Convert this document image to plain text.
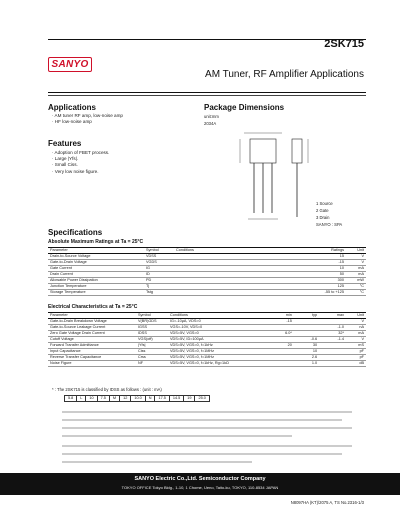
SANYO
2SK715
AM Tuner, RF Amplifier Applications
Applications
· AM tuner RF amp, low-noise amp
· HF low-noise amp
Features
· Adoption of FBET process.
· Large |Yfs|.
· Small Ciss.
· Very low noise figure.
Package Dimensions
unit:mm
2034A
1 Source
2 Gate
3 Drain
SANYO : SPA
Specifications
Absolute Maximum Ratings at Ta = 25°C
Parameter	Symbol	Conditions	Ratings	Unit
Drain-to-Source Voltage	VDSS		15	V
Gate-to-Drain Voltage	VGDS		-15	V
Gate Current	IG		10	mA
Drain Current	ID		50	mA
Allowable Power Dissipation	PD		300	mW
Junction Temperature	Tj		125	°C
Storage Temperature	Tstg		-55 to +125	°C
Electrical Characteristics at Ta = 25°C
Parameter	Symbol	Conditions	min	typ	max	Unit
Gate-to-Drain Breakdown Voltage	V(BR)GDS	IG=-10μA, VDS=0	-15			V
Gate-to-Source Leakage Current	IGSS	VGS=-10V, VDS=0			-1.0	nA
Zero Gate Voltage Drain Current	IDSS	VDS=5V, VGS=0	6.0*		32*	mA
Cutoff Voltage	VGS(off)	VDS=5V, ID=100μA		-0.6	-1.4	V
Forward Transfer Admittance	|Yfs|	VDS=5V, VGS=0, f=1kHz	20	30		mS
Input Capacitance	Ciss	VDS=5V, VGS=0, f=1MHz		10		pF
Reverse Transfer Capacitance	Crss	VDS=5V, VGS=0, f=1MHz		2.6		pF
Noise Figure	NF	VDS=5V, VGS=0, f=1kHz, Rg=1kΩ		1.0		dB
* : The 2SK715 is classified by IDSS as follows : (unit : mA)
5.8	L	10	7.5	M	12	10.0	N	17.5	14.5	19	25.0
SANYO Electric Co.,Ltd. Semiconductor Company
TOKYO OFFICE Tokyo Bldg., 1-10, 1 Chome, Ueno, Taito-ku, TOKYO, 110-8534 JAPAN
N8097HA (KT)/2075 A, TS No.2316-1/3
